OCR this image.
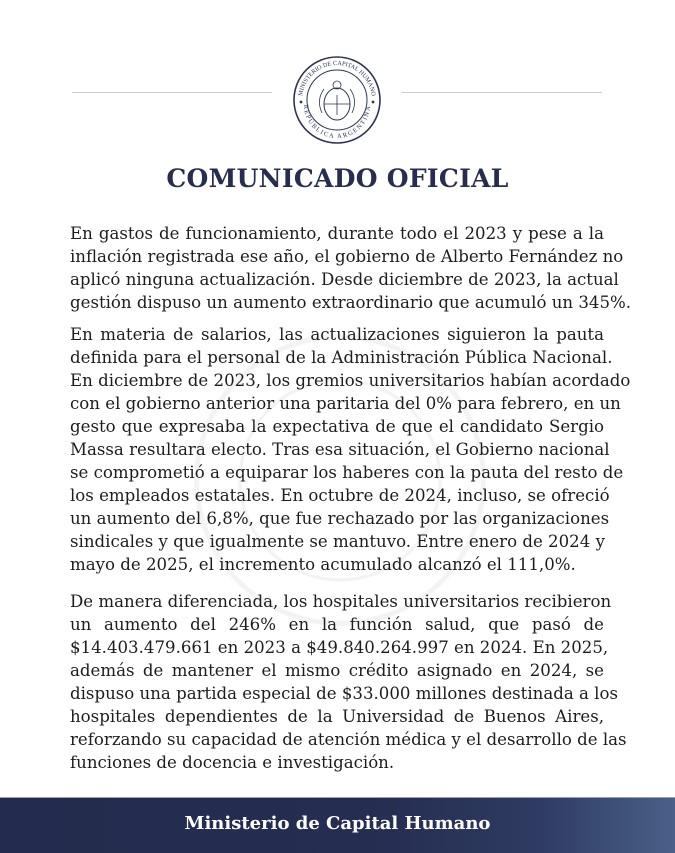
MINISTERIO DE CAPITAL HUMANO
REPÚBLICA ARGENTINA
COMUNICADO OFICIAL
En gastos de funcionamiento, durante todo el 2023 y pese a la
inflación registrada ese año, el gobierno de Alberto Fernández no
aplicó ninguna actualización. Desde diciembre de 2023, la actual
gestión dispuso un aumento extraordinario que acumuló un 345%.
En materia de salarios, las actualizaciones siguieron la pauta
definida para el personal de la Administración Pública Nacional.
En diciembre de 2023, los gremios universitarios habían acordado
con el gobierno anterior una paritaria del 0% para febrero, en un
gesto que expresaba la expectativa de que el candidato Sergio
Massa resultara electo. Tras esa situación, el Gobierno nacional
se comprometió a equiparar los haberes con la pauta del resto de
los empleados estatales. En octubre de 2024, incluso, se ofreció
un aumento del 6,8%, que fue rechazado por las organizaciones
sindicales y que igualmente se mantuvo. Entre enero de 2024 y
mayo de 2025, el incremento acumulado alcanzó el 111,0%.
De manera diferenciada, los hospitales universitarios recibieron
un aumento del 246% en la función salud, que pasó de
$14.403.479.661 en 2023 a $49.840.264.997 en 2024. En 2025,
además de mantener el mismo crédito asignado en 2024, se
dispuso una partida especial de $33.000 millones destinada a los
hospitales dependientes de la Universidad de Buenos Aires,
reforzando su capacidad de atención médica y el desarrollo de las
funciones de docencia e investigación.
Ministerio de Capital Humano
